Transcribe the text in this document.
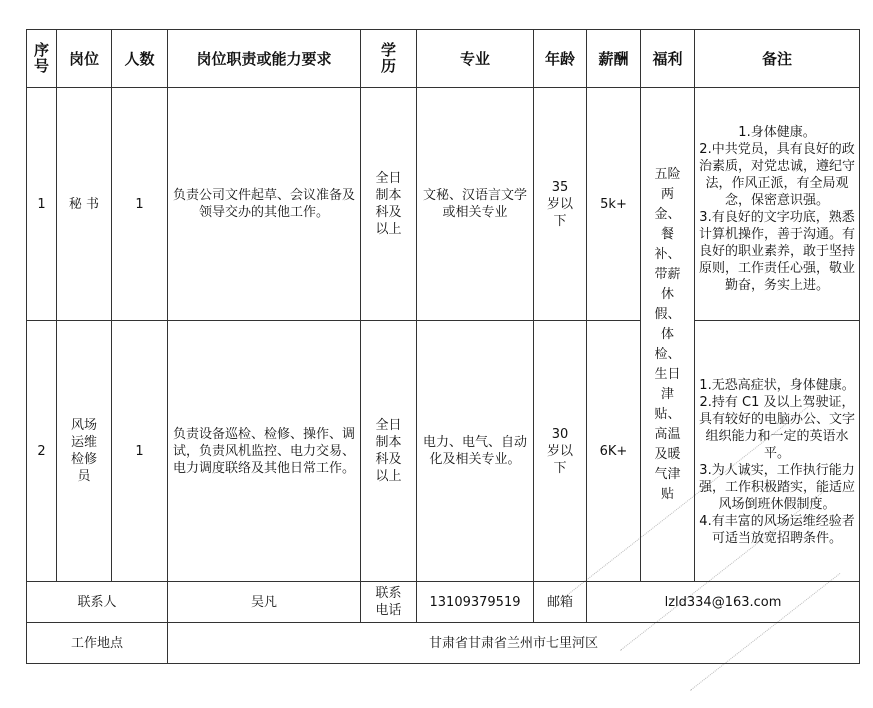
序号	岗位	人数	岗位职责或能力要求	学历	专业	年龄	薪酬	福利	备注
1	秘 书	1	负责公司文件起草、会议准备及领导交办的其他工作。	全日制本科及以上	文秘、汉语言文学或相关专业	35 岁以下	5k+	五险两金、餐补、带薪休假、体检、生日津贴、高温及暖气津贴	1.身体健康。
2.中共党员，具有良好的政治素质，对党忠诚，遵纪守法，作风正派，有全局观念，保密意识强。
3.有良好的文字功底，熟悉计算机操作，善于沟通。有良好的职业素养，敢于坚持原则，工作责任心强，敬业勤奋，务实上进。

2	风场运维检修员	1	负责设备巡检、检修、操作、调试，负责风机监控、电力交易、电力调度联络及其他日常工作。	全日制本科及以上	电力、电气、自动化及相关专业。	30 岁以下	6K+		1.无恐高症状，身体健康。
2.持有 C1 及以上驾驶证，具有较好的电脑办公、文字组织能力和一定的英语水平。
3.为人诚实，工作执行能力强，工作积极踏实，能适应风场倒班休假制度。
4.有丰富的风场运维经验者可适当放宽招聘条件。

联系人			吴凡	联系电话	13109379519	邮箱	lzld334@163.com		
工作地点			甘肃省甘肃省兰州市七里河区						
